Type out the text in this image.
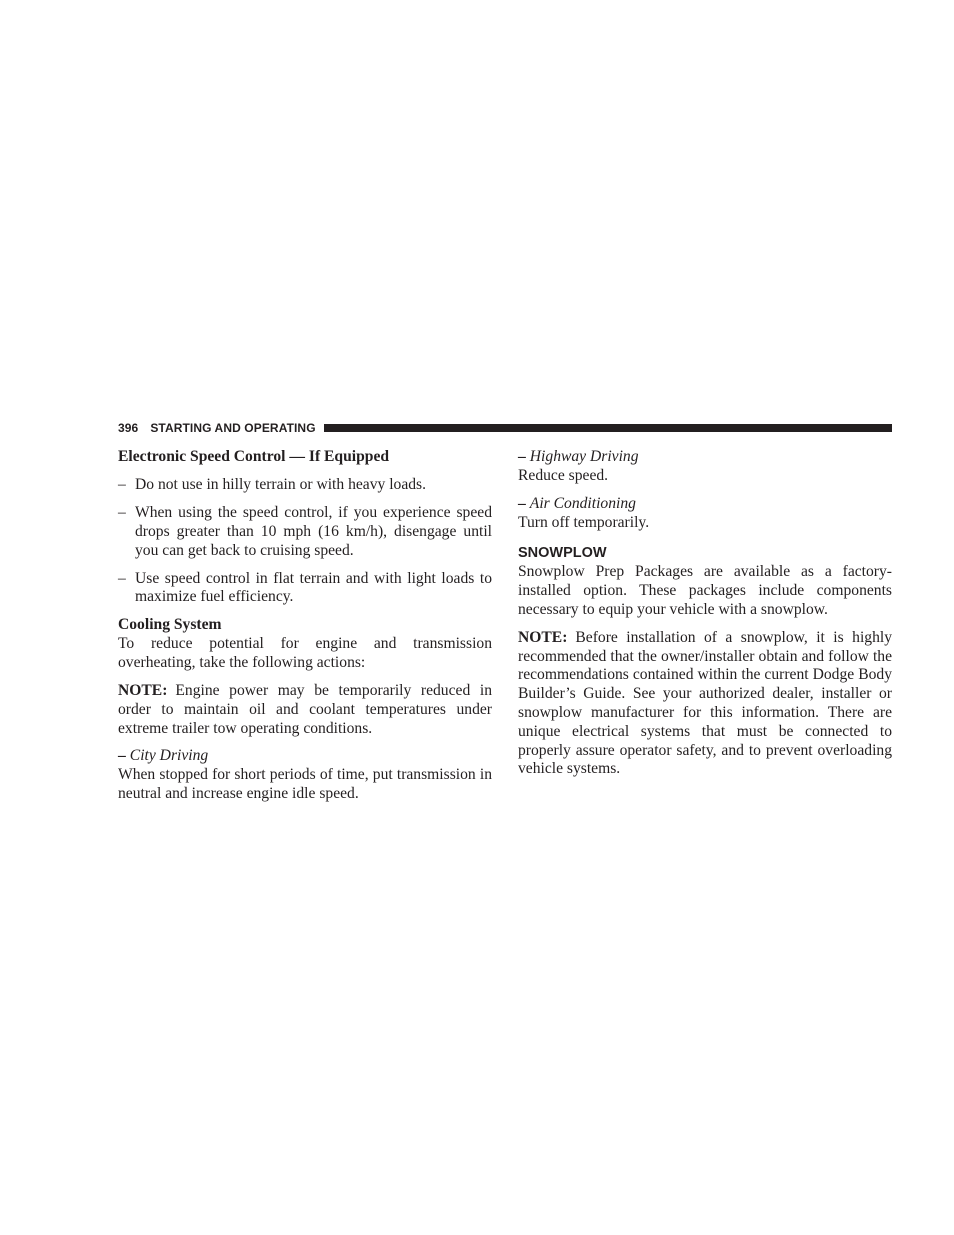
396 STARTING AND OPERATING

Electronic Speed Control — If Equipped

– Do not use in hilly terrain or with heavy loads.

– When using the speed control, if you experience speed drops greater than 10 mph (16 km/h), disengage until you can get back to cruising speed.

– Use speed control in flat terrain and with light loads to maximize fuel efficiency.

Cooling System

To reduce potential for engine and transmission overheating, take the following actions:

NOTE: Engine power may be temporarily reduced in order to maintain oil and coolant temperatures under extreme trailer tow operating conditions.

– City Driving

When stopped for short periods of time, put transmission in neutral and increase engine idle speed.

– Highway Driving

Reduce speed.

– Air Conditioning

Turn off temporarily.

SNOWPLOW

Snowplow Prep Packages are available as a factory-installed option. These packages include components necessary to equip your vehicle with a snowplow.

NOTE: Before installation of a snowplow, it is highly recommended that the owner/installer obtain and follow the recommendations contained within the current Dodge Body Builder’s Guide. See your authorized dealer, installer or snowplow manufacturer for this information. There are unique electrical systems that must be connected to properly assure operator safety, and to prevent overloading vehicle systems.
